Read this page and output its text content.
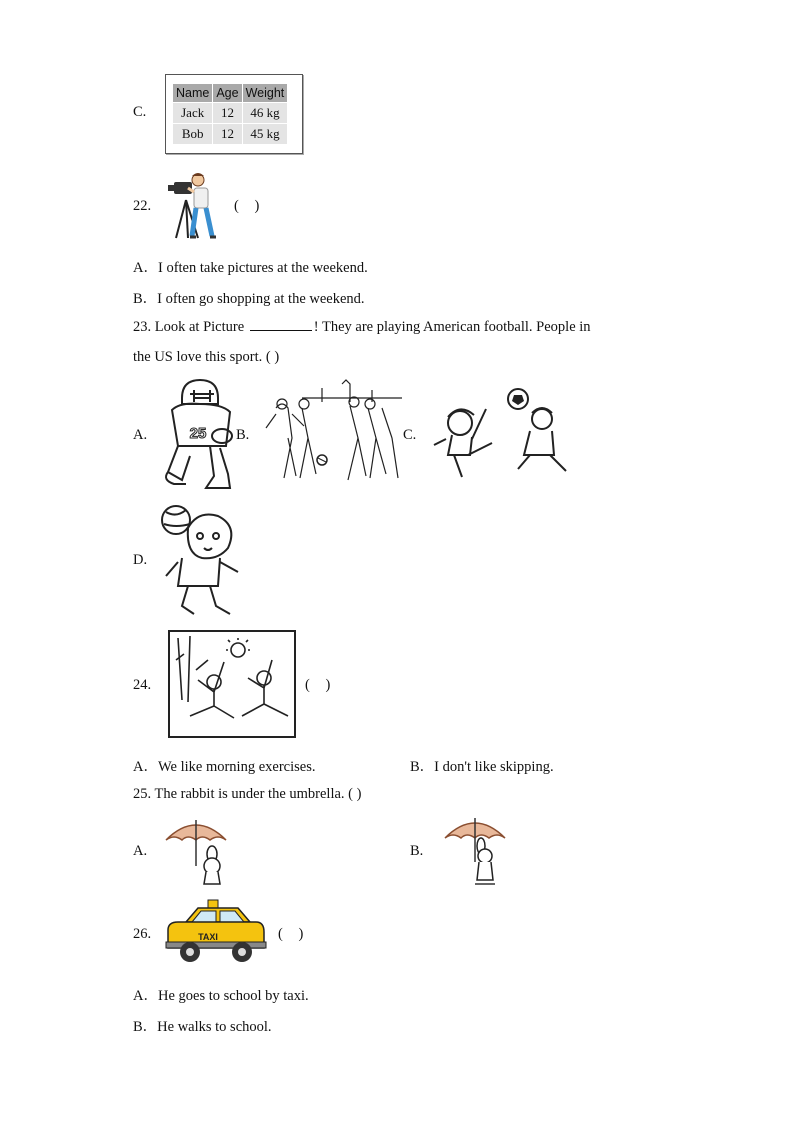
C.
Name	Age	Weight
Jack	12	46 kg
Bob	12	45 kg
22.	( )
A．I often take pictures at the weekend.
B．I often go shopping at the weekend.
23. Look at Picture	! They are playing American football. People in
the US love this sport. ( )
A.	25 B.	C.
D.
24.	( )
A．We like morning exercises.	B．I don't like skipping.
25. The rabbit is under the umbrella. ( )
A.	B.
26.	TAXI	( )
A．He goes to school by taxi.
B．He walks to school.
